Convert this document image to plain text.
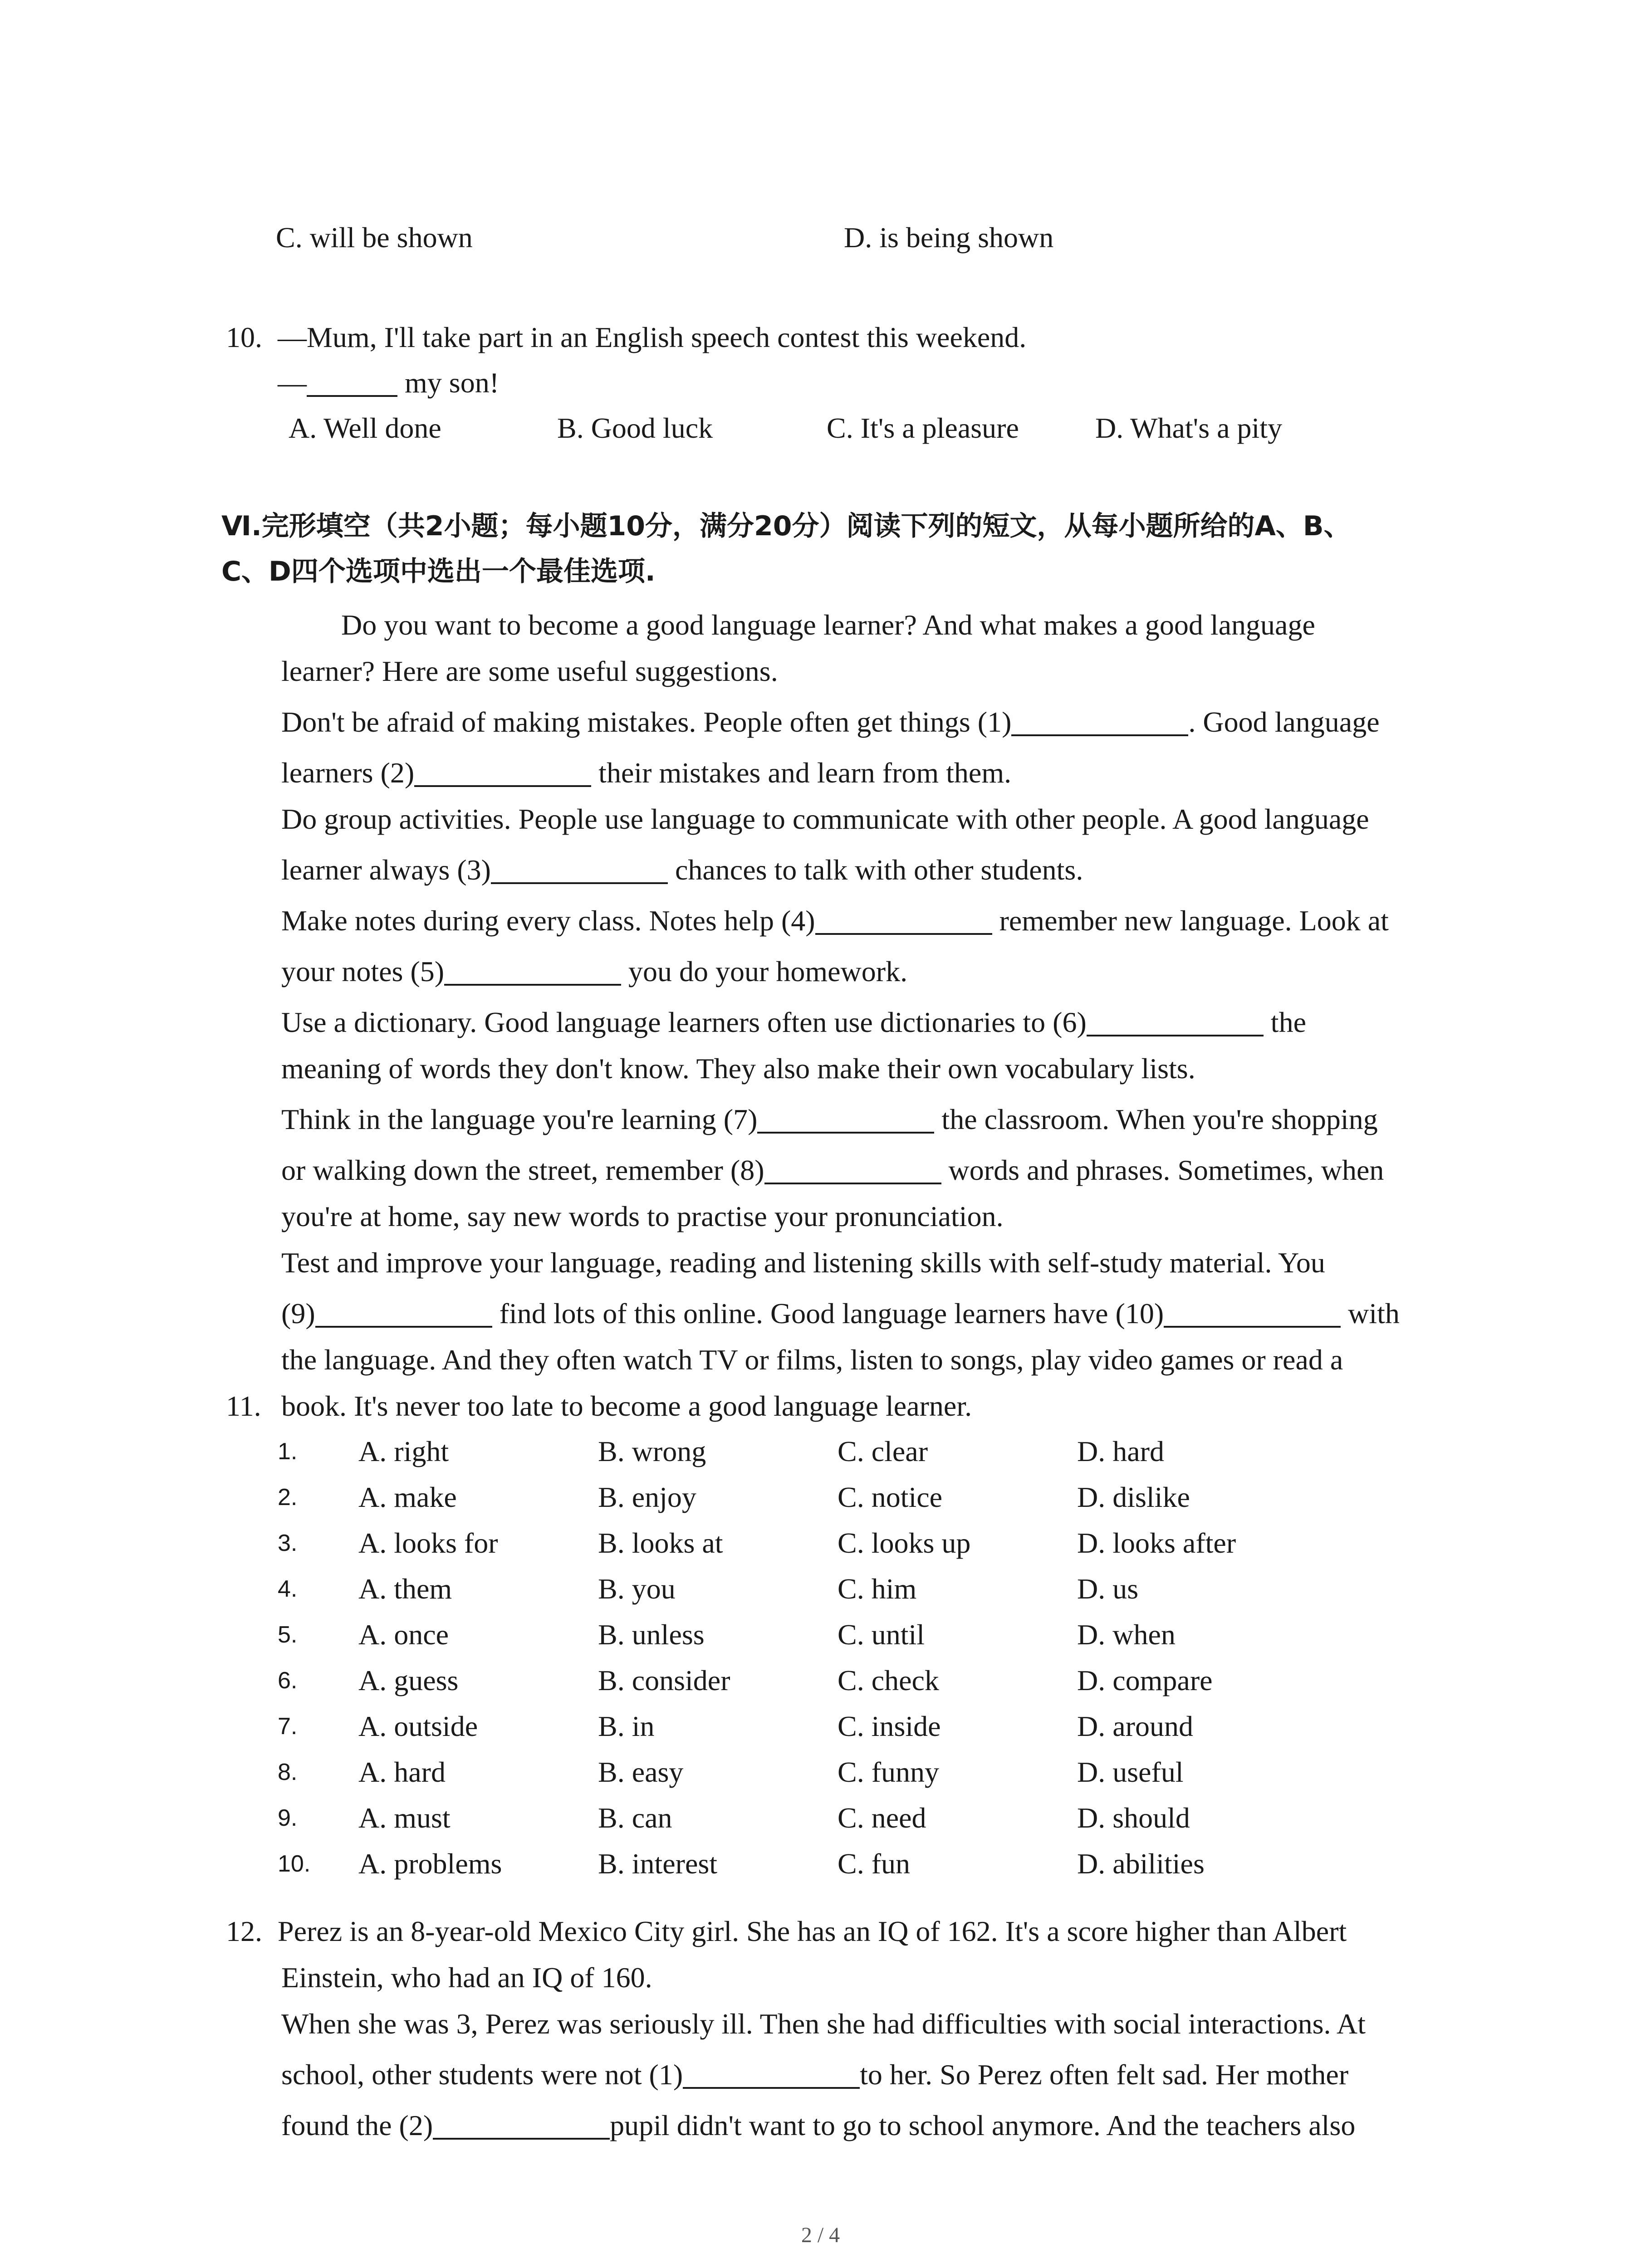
C. will be shown	D. is being shown
10. —Mum, I'll take part in an English speech contest this weekend.
—	my son!
A. Well done	B. Good luck	C. It's a pleasure	D. What's a pity
Ⅵ.完形填空（共2小题；每小题10分，满分20分）阅读下列的短文，从每小题所给的A、B、
C、D四个选项中选出一个最佳选项.
Do you want to become a good language learner? And what makes a good language
learner? Here are some useful suggestions.
Don't be afraid of making mistakes. People often get things (1)	. Good language
learners (2)	their mistakes and learn from them.
Do group activities. People use language to communicate with other people. A good language
learner always (3)	chances to talk with other students.
Make notes during every class. Notes help (4)	remember new language. Look at
your notes (5)	you do your homework.
Use a dictionary. Good language learners often use dictionaries to (6)	the
meaning of words they don't know. They also make their own vocabulary lists.
Think in the language you're learning (7)	the classroom. When you're shopping
or walking down the street, remember (8)	words and phrases. Sometimes, when
you're at home, say new words to practise your pronunciation.
Test and improve your language, reading and listening skills with self-study material. You
(9)	find lots of this online. Good language learners have (10)	with
the language. And they often watch TV or films, listen to songs, play video games or read a
11. book. It's never too late to become a good language learner.
1. A. right	B. wrong	C. clear	D. hard
2. A. make	B. enjoy	C. notice	D. dislike
3. A. looks for	B. looks at	C. looks up	D. looks after
4. A. them	B. you	C. him	D. us
5. A. once	B. unless	C. until	D. when
6. A. guess	B. consider	C. check	D. compare
7. A. outside	B. in	C. inside	D. around
8. A. hard	B. easy	C. funny	D. useful
9. A. must	B. can	C. need	D. should
10. A. problems	B. interest	C. fun	D. abilities
12. Perez is an 8-year-old Mexico City girl. She has an IQ of 162. It's a score higher than Albert
Einstein, who had an IQ of 160.
When she was 3, Perez was seriously ill. Then she had difficulties with social interactions. At
school, other students were not (1)	to her. So Perez often felt sad. Her mother
found the (2)	pupil didn't want to go to school anymore. And the teachers also
2 / 4
